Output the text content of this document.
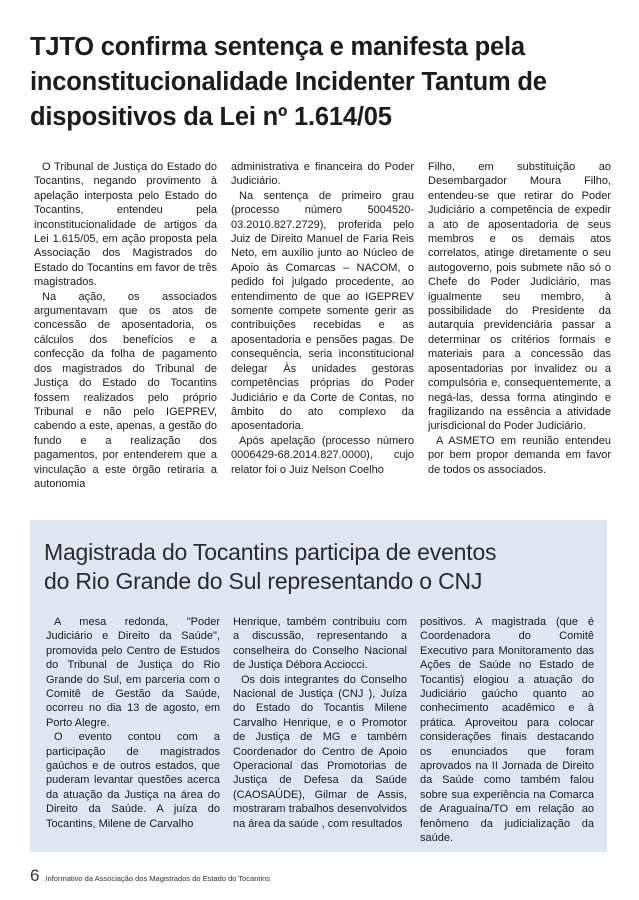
TJTO confirma sentença e manifesta pela inconstitucionalidade Incidenter Tantum de dispositivos da Lei nº 1.614/05

O Tribunal de Justiça do Estado do Tocantins, negando provimento à apelação interposta pelo Estado do Tocantins, entendeu pela inconstitucionalidade de artigos da Lei 1.615/05, em ação proposta pela Associação dos Magistrados do Estado do Tocantins em favor de três magistrados.

Na ação, os associados argumentavam que os atos de concessão de aposentadoria, os cálculos dos benefícios e a confecção da folha de pagamento dos magistrados do Tribunal de Justiça do Estado do Tocantins fossem realizados pelo próprio Tribunal e não pelo IGEPREV, cabendo a este, apenas, a gestão do fundo e a realização dos pagamentos, por entenderem que a vinculação a este órgão retiraria a autonomia

administrativa e financeira do Poder Judiciário.

Na sentença de primeiro grau (processo número 5004520-03.2010.827.2729), proferida pelo Juiz de Direito Manuel de Faria Reis Neto, em auxílio junto ao Núcleo de Apoio às Comarcas – NACOM, o pedido foi julgado procedente, ao entendimento de que ao IGEPREV somente compete somente gerir as contribuições recebidas e as aposentadoria e pensões pagas. De consequência, seria inconstitucional delegar Às unidades gestoras competências próprias do Poder Judiciário e da Corte de Contas, no âmbito do ato complexo da aposentadoria.

Após apelação (processo número 0006429-68.2014.827.0000), cujo relator foi o Juiz Nelson Coelho

Filho, em substituição ao Desembargador Moura Filho, entendeu-se que retirar do Poder Judiciário a competência de expedir a ato de aposentadoria de seus membros e os demais atos correlatos, atinge diretamente o seu autogoverno, pois submete não só o Chefe do Poder Judiciário, mas igualmente seu membro, à possibilidade do Presidente da autarquia previdenciária passar a determinar os critérios formais e materiais para a concessão das aposentadorias por invalidez ou a compulsória e, consequentemente, a negá-las, dessa forma atingindo e fragilizando na essência a atividade jurisdicional do Poder Judiciário.

A ASMETO em reunião entendeu por bem propor demanda em favor de todos os associados.

Magistrada do Tocantins participa de eventos do Rio Grande do Sul representando o CNJ

A mesa redonda, "Poder Judiciário e Direito da Saúde", promovida pelo Centro de Estudos do Tribunal de Justiça do Rio Grande do Sul, em parceria com o Comitê de Gestão da Saúde, ocorreu no dia 13 de agosto, em Porto Alegre.

O evento contou com a participação de magistrados gaúchos e de outros estados, que puderam levantar questões acerca da atuação da Justiça na área do Direito da Saúde. A juíza do Tocantins, Milene de Carvalho

Henrique, também contribuiu com a discussão, representando a conselheira do Conselho Nacional de Justiça Débora Acciocci.

Os dois integrantes do Conselho Nacional de Justiça (CNJ ), Juíza do Estado do Tocantis Milene Carvalho Henrique, e o Promotor de Justiça de MG e também Coordenador do Centro de Apoio Operacional das Promotorias de Justiça de Defesa da Saúde (CAOSAÚDE), Gilmar de Assis, mostraram trabalhos desenvolvidos na área da saúde , com resultados

positivos. A magistrada (que é Coordenadora do Comitê Executivo para Monitoramento das Ações de Saúde no Estado de Tocantis) elogiou a atuação do Judiciário gaúcho quanto ao conhecimento acadêmico e à prática. Aproveitou para colocar considerações finais destacando os enunciados que foram aprovados na II Jornada de Direito da Saúde como também falou sobre sua experiência na Comarca de Araguaína/TO em relação ao fenômeno da judicialização da saúde.

6 Informativo da Associação dos Magistrados do Estado do Tocantins
